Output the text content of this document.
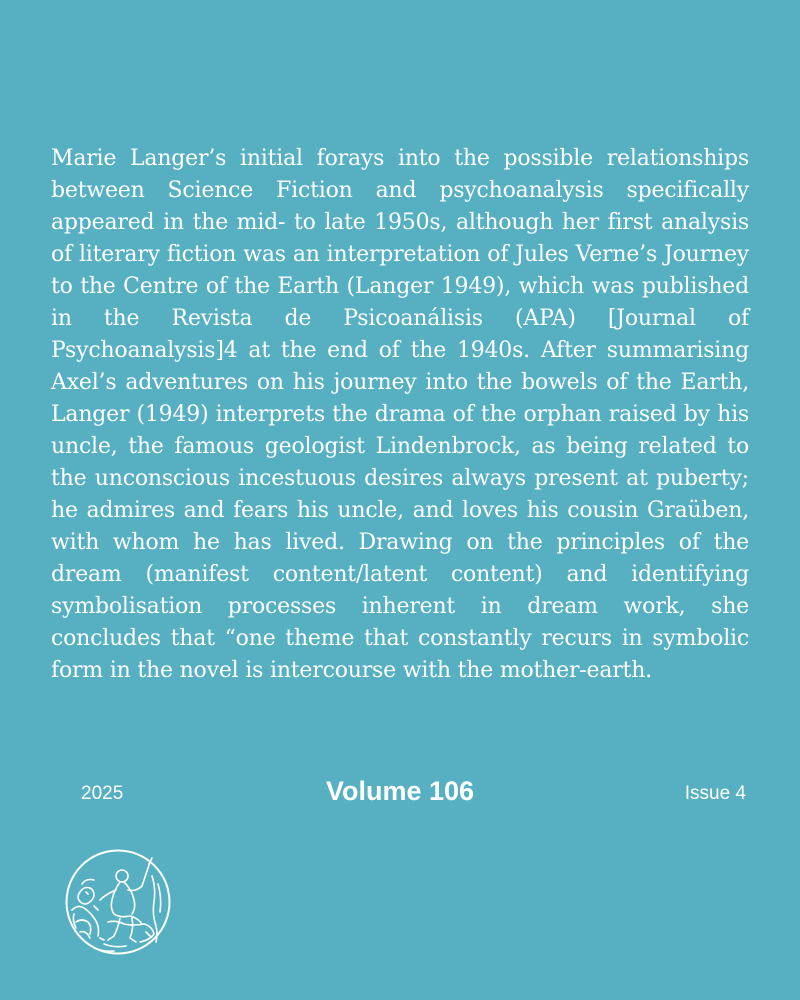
Marie Langer’s initial forays into the possible relationships between Science Fiction and psychoanalysis specifically appeared in the mid- to late 1950s, although her first analysis of literary fiction was an interpretation of Jules Verne’s Journey to the Centre of the Earth (Langer 1949), which was published in the Revista de Psicoanálisis (APA) [Journal of Psychoanalysis]4 at the end of the 1940s. After summarising Axel’s adventures on his journey into the bowels of the Earth, Langer (1949) interprets the drama of the orphan raised by his uncle, the famous geologist Lindenbrock, as being related to the unconscious incestuous desires always present at puberty; he admires and fears his uncle, and loves his cousin Graüben, with whom he has lived. Drawing on the principles of the dream (manifest content/latent content) and identifying symbolisation processes inherent in dream work, she concludes that “one theme that constantly recurs in symbolic form in the novel is intercourse with the mother-earth.

2025	Volume 106	Issue 4
